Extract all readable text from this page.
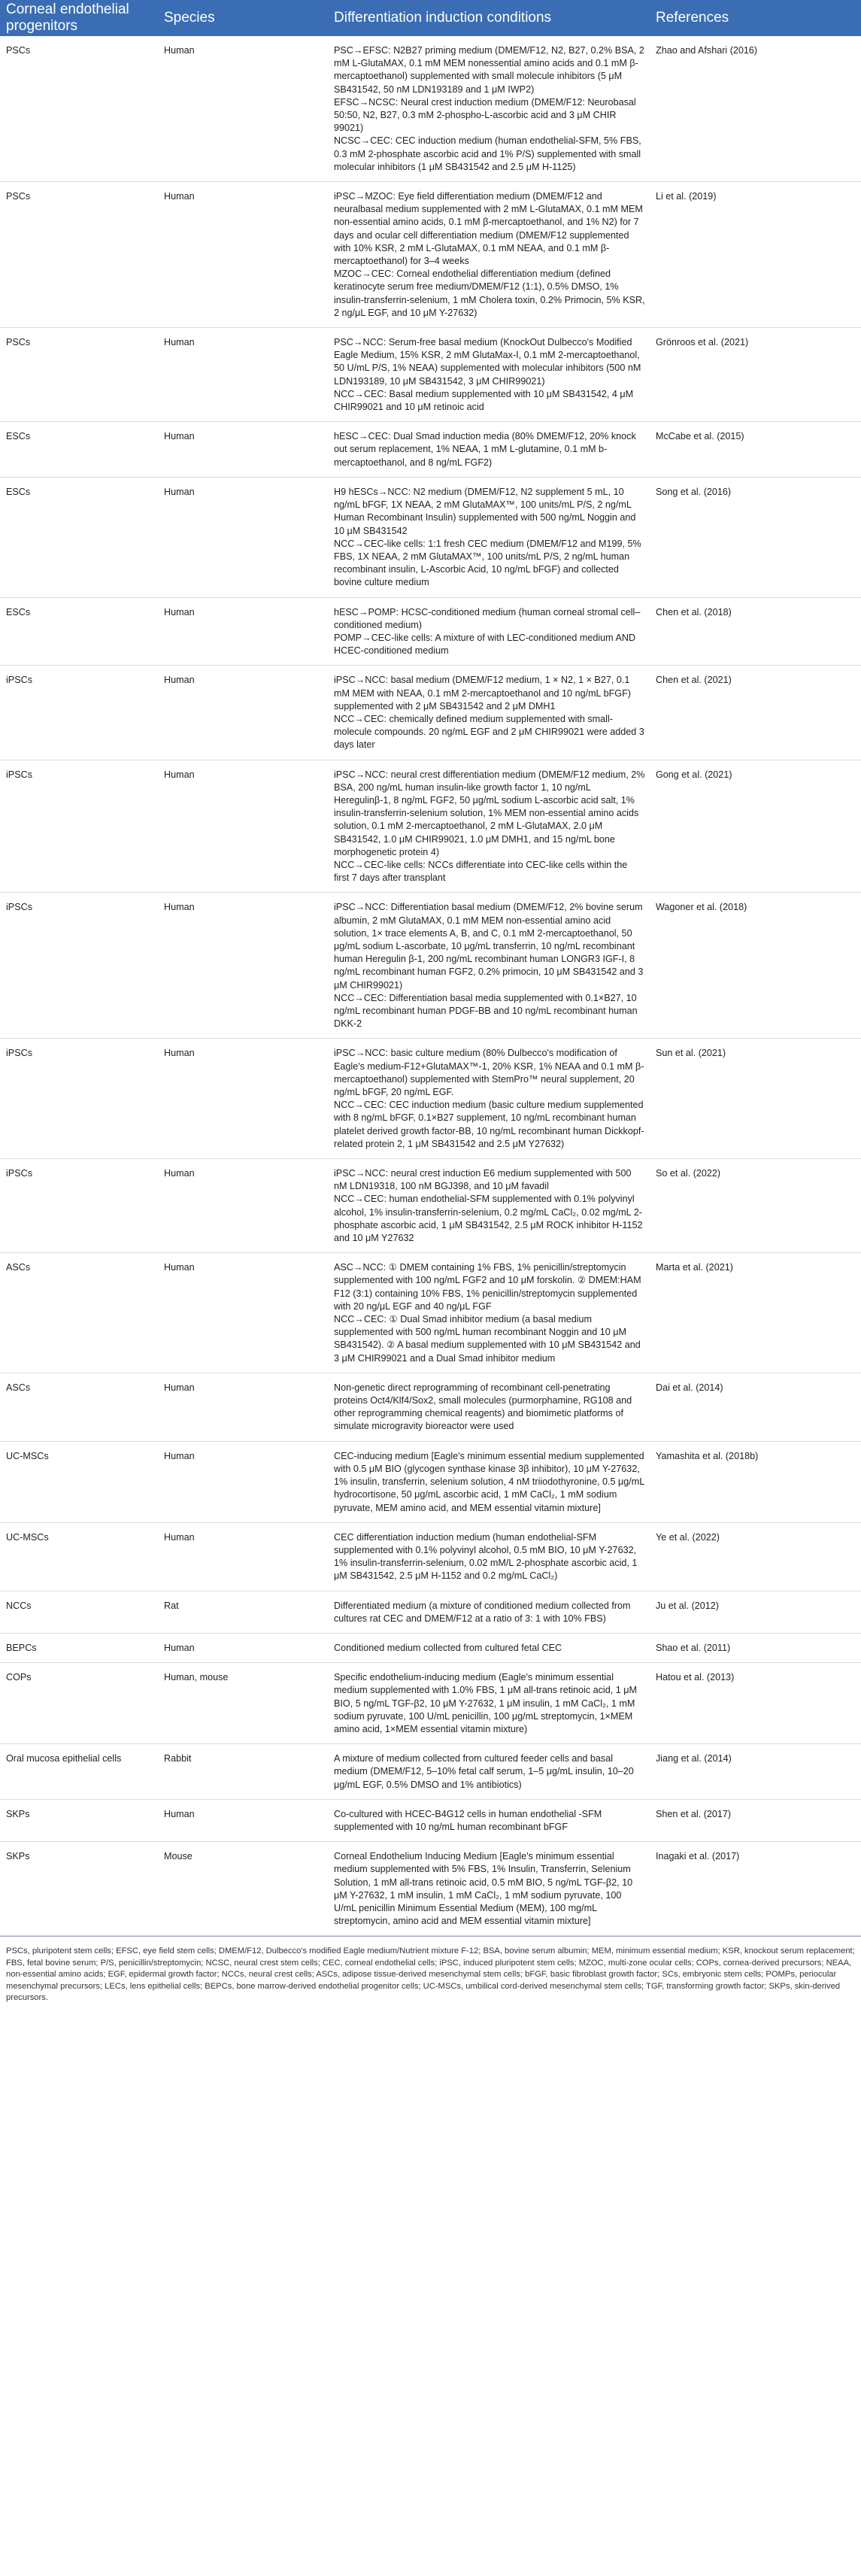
Corneal endothelial progenitors	Species	Differentiation induction conditions	References
PSCs	Human	PSC→EFSC: N2B27 priming medium (DMEM/F12, N2, B27, 0.2% BSA, 2 mM L-GlutaMAX, 0.1 mM MEM nonessential amino acids and 0.1 mM β-mercaptoethanol) supplemented with small molecule inhibitors (5 μM SB431542, 50 nM LDN193189 and 1 μM IWP2)
EFSC→NCSC: Neural crest induction medium (DMEM/F12: Neurobasal 50:50, N2, B27, 0.3 mM 2-phospho-L-ascorbic acid and 3 μM CHIR 99021)
NCSC→CEC: CEC induction medium (human endothelial-SFM, 5% FBS, 0.3 mM 2-phosphate ascorbic acid and 1% P/S) supplemented with small molecular inhibitors (1 μM SB431542 and 2.5 μM H-1125)	Zhao and Afshari (2016)
PSCs	Human	iPSC→MZOC: Eye field differentiation medium (DMEM/F12 and neuralbasal medium supplemented with 2 mM L-GlutaMAX, 0.1 mM MEM non-essential amino acids, 0.1 mM β-mercaptoethanol, and 1% N2) for 7 days and ocular cell differentiation medium (DMEM/F12 supplemented with 10% KSR, 2 mM L-GlutaMAX, 0.1 mM NEAA, and 0.1 mM β-mercaptoethanol) for 3–4 weeks
MZOC→CEC: Corneal endothelial differentiation medium (defined keratinocyte serum free medium/DMEM/F12 (1:1), 0.5% DMSO, 1% insulin-transferrin-selenium, 1 mM Cholera toxin, 0.2% Primocin, 5% KSR, 2 ng/μL EGF, and 10 μM Y-27632)	Li et al. (2019)
PSCs	Human	PSC→NCC: Serum-free basal medium (KnockOut Dulbecco's Modified Eagle Medium, 15% KSR, 2 mM GlutaMax-I, 0.1 mM 2-mercaptoethanol, 50 U/mL P/S, 1% NEAA) supplemented with molecular inhibitors (500 nM LDN193189, 10 μM SB431542, 3 μM CHIR99021)
NCC→CEC: Basal medium supplemented with 10 μM SB431542, 4 μM CHIR99021 and 10 μM retinoic acid	Grönroos et al. (2021)
ESCs	Human	hESC→CEC: Dual Smad induction media (80% DMEM/F12, 20% knock out serum replacement, 1% NEAA, 1 mM L-glutamine, 0.1 mM b-mercaptoethanol, and 8 ng/mL FGF2)	McCabe et al. (2015)
ESCs	Human	H9 hESCs→NCC: N2 medium (DMEM/F12, N2 supplement 5 mL, 10 ng/mL bFGF, 1X NEAA, 2 mM GlutaMAX™, 100 units/mL P/S, 2 ng/mL Human Recombinant Insulin) supplemented with 500 ng/mL Noggin and 10 μM SB431542
NCC→CEC-like cells: 1:1 fresh CEC medium (DMEM/F12 and M199, 5% FBS, 1X NEAA, 2 mM GlutaMAX™, 100 units/mL P/S, 2 ng/mL human recombinant insulin, L-Ascorbic Acid, 10 ng/mL bFGF) and collected bovine culture medium	Song et al. (2016)
ESCs	Human	hESC→POMP: HCSC-conditioned medium (human corneal stromal cell–conditioned medium)
POMP→CEC-like cells: A mixture of with LEC-conditioned medium AND HCEC-conditioned medium	Chen et al. (2018)
iPSCs	Human	iPSC→NCC: basal medium (DMEM/F12 medium, 1 × N2, 1 × B27, 0.1 mM MEM with NEAA, 0.1 mM 2-mercaptoethanol and 10 ng/mL bFGF) supplemented with 2 μM SB431542 and 2 μM DMH1
NCC→CEC: chemically defined medium supplemented with small-molecule compounds. 20 ng/mL EGF and 2 μM CHIR99021 were added 3 days later	Chen et al. (2021)
iPSCs	Human	iPSC→NCC: neural crest differentiation medium (DMEM/F12 medium, 2% BSA, 200 ng/mL human insulin-like growth factor 1, 10 ng/mL Heregulinβ-1, 8 ng/mL FGF2, 50 μg/mL sodium L-ascorbic acid salt, 1% insulin-transferrin-selenium solution, 1% MEM non-essential amino acids solution, 0.1 mM 2-mercaptoethanol, 2 mM L-GlutaMAX, 2.0 μM SB431542, 1.0 μM CHIR99021, 1.0 μM DMH1, and 15 ng/mL bone morphogenetic protein 4)
NCC→CEC-like cells: NCCs differentiate into CEC-like cells within the first 7 days after transplant	Gong et al. (2021)
iPSCs	Human	iPSC→NCC: Differentiation basal medium (DMEM/F12, 2% bovine serum albumin, 2 mM GlutaMAX, 0.1 mM MEM non-essential amino acid solution, 1× trace elements A, B, and C, 0.1 mM 2-mercaptoethanol, 50 μg/mL sodium L-ascorbate, 10 μg/mL transferrin, 10 ng/mL recombinant human Heregulin β-1, 200 ng/mL recombinant human LONGR3 IGF-I, 8 ng/mL recombinant human FGF2, 0.2% primocin, 10 μM SB431542 and 3 μM CHIR99021)
NCC→CEC: Differentiation basal media supplemented with 0.1×B27, 10 ng/mL recombinant human PDGF-BB and 10 ng/mL recombinant human DKK-2	Wagoner et al. (2018)
iPSCs	Human	iPSC→NCC: basic culture medium (80% Dulbecco's modification of Eagle's medium-F12+GlutaMAX™-1, 20% KSR, 1% NEAA and 0.1 mM β-mercaptoethanol) supplemented with StemPro™ neural supplement, 20 ng/mL bFGF, 20 ng/mL EGF.
NCC→CEC: CEC induction medium (basic culture medium supplemented with 8 ng/mL bFGF, 0.1×B27 supplement, 10 ng/mL recombinant human platelet derived growth factor-BB, 10 ng/mL recombinant human Dickkopf-related protein 2, 1 μM SB431542 and 2.5 μM Y27632)	Sun et al. (2021)
iPSCs	Human	iPSC→NCC: neural crest induction E6 medium supplemented with 500 nM LDN19318, 100 nM BGJ398, and 10 μM favadil
NCC→CEC: human endothelial-SFM supplemented with 0.1% polyvinyl alcohol, 1% insulin-transferrin-selenium, 0.2 mg/mL CaCl₂, 0.02 mg/mL 2-phosphate ascorbic acid, 1 μM SB431542, 2.5 μM ROCK inhibitor H-1152 and 10 μM Y27632	So et al. (2022)
ASCs	Human	ASC→NCC: ① DMEM containing 1% FBS, 1% penicillin/streptomycin supplemented with 100 ng/mL FGF2 and 10 μM forskolin. ② DMEM:HAM F12 (3:1) containing 10% FBS, 1% penicillin/streptomycin supplemented with 20 ng/μL EGF and 40 ng/μL FGF
NCC→CEC: ① Dual Smad inhibitor medium (a basal medium supplemented with 500 ng/mL human recombinant Noggin and 10 μM SB431542). ② A basal medium supplemented with 10 μM SB431542 and 3 μM CHIR99021 and a Dual Smad inhibitor medium	Marta et al. (2021)
ASCs	Human	Non-genetic direct reprogramming of recombinant cell-penetrating proteins Oct4/Klf4/Sox2, small molecules (purmorphamine, RG108 and other reprogramming chemical reagents) and biomimetic platforms of simulate microgravity bioreactor were used	Dai et al. (2014)
UC-MSCs	Human	CEC-inducing medium [Eagle's minimum essential medium supplemented with 0.5 μM BIO (glycogen synthase kinase 3β inhibitor), 10 μM Y-27632, 1% insulin, transferrin, selenium solution, 4 nM triiodothyronine, 0.5 μg/mL hydrocortisone, 50 μg/mL ascorbic acid, 1 mM CaCl₂, 1 mM sodium pyruvate, MEM amino acid, and MEM essential vitamin mixture]	Yamashita et al. (2018b)
UC-MSCs	Human	CEC differentiation induction medium (human endothelial-SFM supplemented with 0.1% polyvinyl alcohol, 0.5 mM BIO, 10 μM Y-27632, 1% insulin-transferrin-selenium, 0.02 mM/L 2-phosphate ascorbic acid, 1 μM SB431542, 2.5 μM H-1152 and 0.2 mg/mL CaCl₂)	Ye et al. (2022)
NCCs	Rat	Differentiated medium (a mixture of conditioned medium collected from cultures rat CEC and DMEM/F12 at a ratio of 3: 1 with 10% FBS)	Ju et al. (2012)
BEPCs	Human	Conditioned medium collected from cultured fetal CEC	Shao et al. (2011)
COPs	Human, mouse	Specific endothelium-inducing medium (Eagle's minimum essential medium supplemented with 1.0% FBS, 1 μM all-trans retinoic acid, 1 μM BIO, 5 ng/mL TGF-β2, 10 μM Y-27632, 1 μM insulin, 1 mM CaCl₂, 1 mM sodium pyruvate, 100 U/mL penicillin, 100 μg/mL streptomycin, 1×MEM amino acid, 1×MEM essential vitamin mixture)	Hatou et al. (2013)
Oral mucosa epithelial cells	Rabbit	A mixture of medium collected from cultured feeder cells and basal medium (DMEM/F12, 5–10% fetal calf serum, 1–5 μg/mL insulin, 10–20 μg/mL EGF, 0.5% DMSO and 1% antibiotics)	Jiang et al. (2014)
SKPs	Human	Co-cultured with HCEC-B4G12 cells in human endothelial -SFM supplemented with 10 ng/mL human recombinant bFGF	Shen et al. (2017)
SKPs	Mouse	Corneal Endothelium Inducing Medium [Eagle's minimum essential medium supplemented with 5% FBS, 1% Insulin, Transferrin, Selenium Solution, 1 mM all-trans retinoic acid, 0.5 mM BIO, 5 ng/mL TGF-β2, 10 μM Y-27632, 1 mM insulin, 1 mM CaCl₂, 1 mM sodium pyruvate, 100 U/mL penicillin Minimum Essential Medium (MEM), 100 mg/mL streptomycin, amino acid and MEM essential vitamin mixture]	Inagaki et al. (2017)
PSCs, pluripotent stem cells; EFSC, eye field stem cells; DMEM/F12, Dulbecco's modified Eagle medium/Nutrient mixture F-12; BSA, bovine serum albumin; MEM, minimum essential medium; KSR, knockout serum replacement; FBS, fetal bovine serum; P/S, penicillin/streptomycin; NCSC, neural crest stem cells; CEC, corneal endothelial cells; iPSC, induced pluripotent stem cells; MZOC, multi-zone ocular cells; COPs, cornea-derived precursors; NEAA, non-essential amino acids; EGF, epidermal growth factor; NCCs, neural crest cells; ASCs, adipose tissue-derived mesenchymal stem cells; bFGF, basic fibroblast growth factor; SCs, embryonic stem cells; POMPs, periocular mesenchymal precursors; LECs, lens epithelial cells; BEPCs, bone marrow-derived endothelial progenitor cells; UC-MSCs, umbilical cord-derived mesenchymal stem cells; TGF, transforming growth factor; SKPs, skin-derived precursors.
